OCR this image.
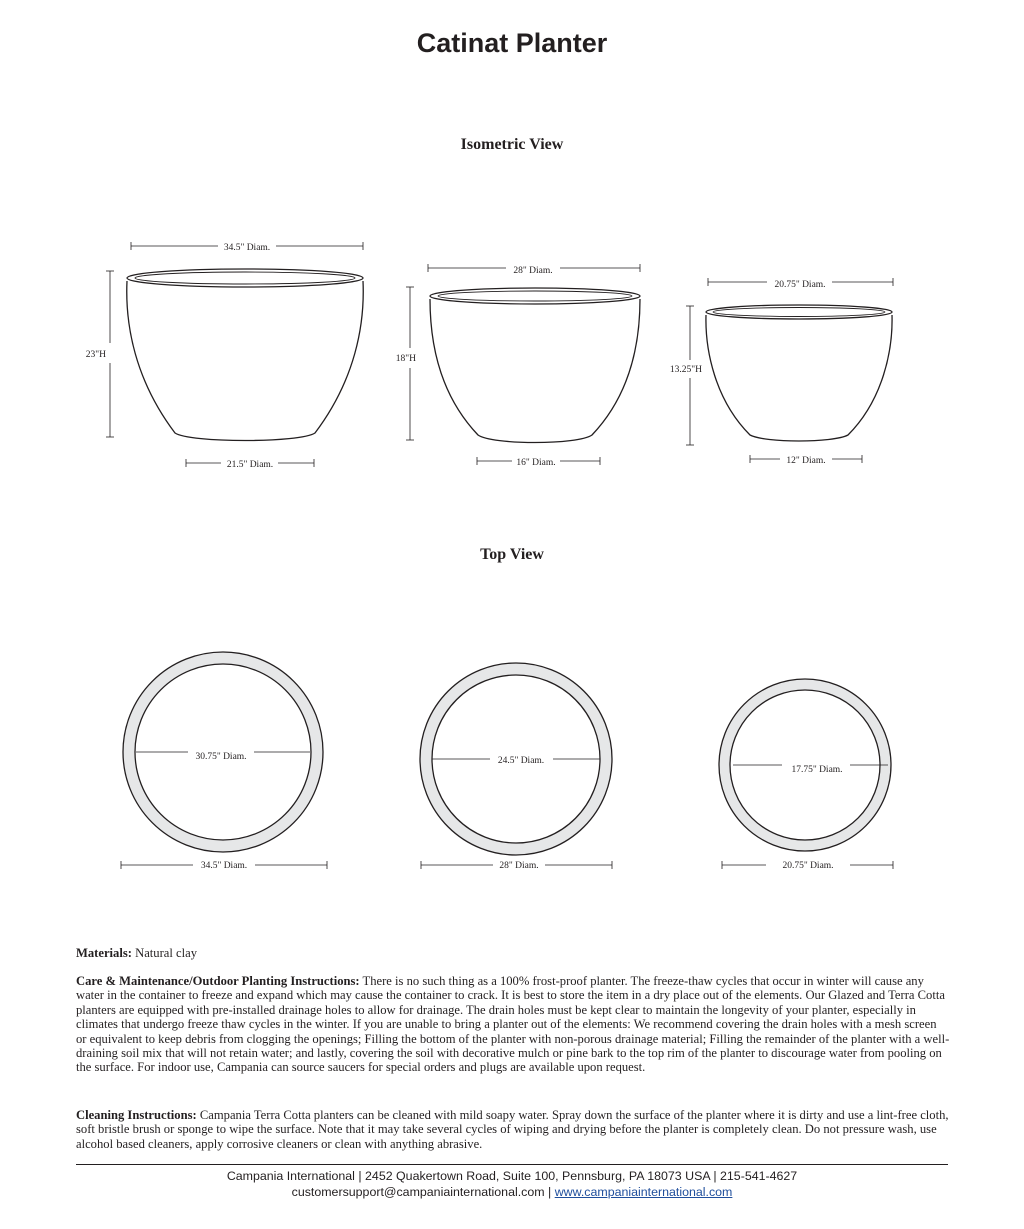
Catinat Planter
Isometric View
Top View
34.5" Diam.
23"H
21.5" Diam.
28" Diam.
18"H
16" Diam.
20.75" Diam.
13.25"H
12" Diam.
30.75" Diam.
34.5" Diam.
24.5" Diam.
28" Diam.
17.75" Diam.
20.75" Diam.
Materials: Natural clay
Care & Maintenance/Outdoor Planting Instructions: There is no such thing as a 100% frost-proof planter. The freeze-thaw cycles that occur in winter will cause any water in the container to freeze and expand which may cause the container to crack. It is best to store the item in a dry place out of the elements. Our Glazed and Terra Cotta planters are equipped with pre-installed drainage holes to allow for drainage. The drain holes must be kept clear to maintain the longevity of your planter, especially in climates that undergo freeze thaw cycles in the winter. If you are unable to bring a planter out of the elements: We recommend covering the drain holes with a mesh screen or equivalent to keep debris from clogging the openings; Filling the bottom of the planter with non-porous drainage material; Filling the remainder of the planter with a well-draining soil mix that will not retain water; and lastly, covering the soil with decorative mulch or pine bark to the top rim of the planter to discourage water from pooling on the surface. For indoor use, Campania can source saucers for special orders and plugs are available upon request.
Cleaning Instructions: Campania Terra Cotta planters can be cleaned with mild soapy water. Spray down the surface of the planter where it is dirty and use a lint-free cloth, soft bristle brush or sponge to wipe the surface. Note that it may take several cycles of wiping and drying before the planter is completely clean. Do not pressure wash, use alcohol based cleaners, apply corrosive cleaners or clean with anything abrasive.
Campania International | 2452 Quakertown Road, Suite 100, Pennsburg, PA 18073 USA | 215-541-4627
customersupport@campaniainternational.com | www.campaniainternational.com
